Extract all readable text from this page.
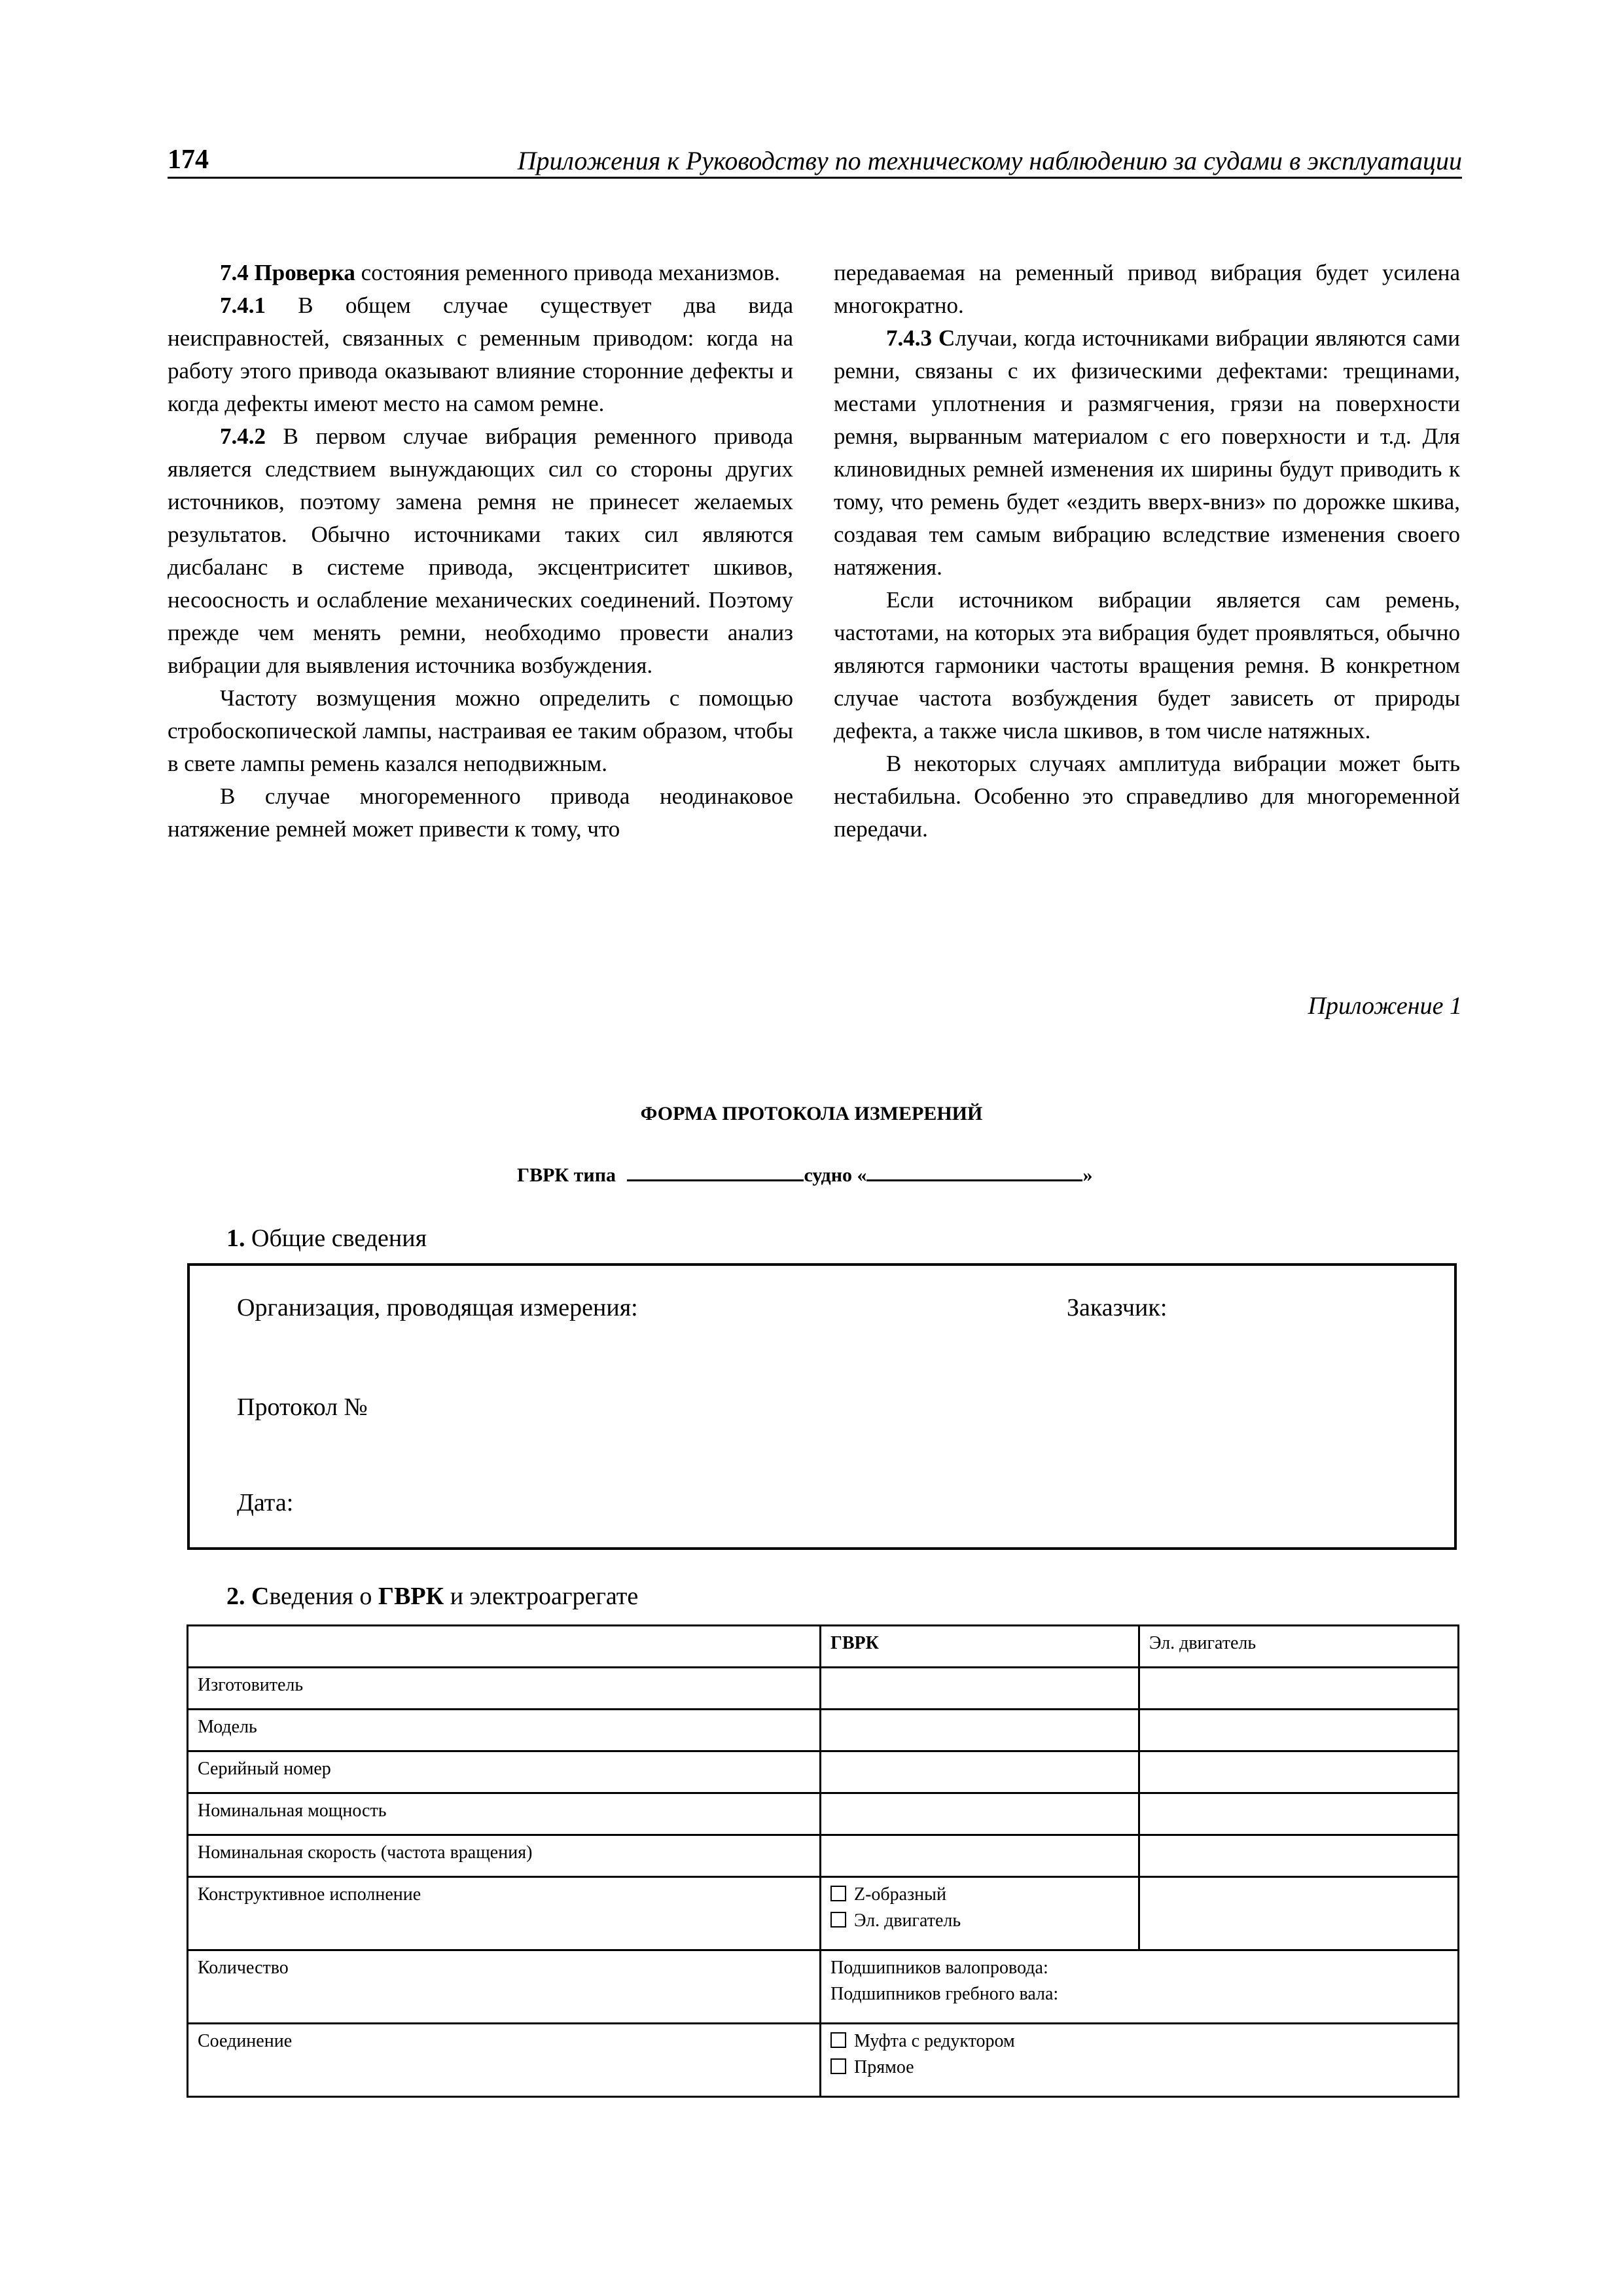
174	Приложения к Руководству по техническому наблюдению за судами в эксплуатации

7.4 Проверка состояния ременного привода механизмов.

7.4.1 В общем случае существует два вида неисправностей, связанных с ременным приводом: когда на работу этого привода оказывают влияние сторонние дефекты и когда дефекты имеют место на самом ремне.

7.4.2 В первом случае вибрация ременного привода является следствием вынуждающих сил со стороны других источников, поэтому замена ремня не принесет желаемых результатов. Обычно источниками таких сил являются дисбаланс в системе привода, эксцентриситет шкивов, несоосность и ослабление механических соединений. Поэтому прежде чем менять ремни, необходимо провести анализ вибрации для выявления источника возбуждения.

Частоту возмущения можно определить с помощью стробоскопической лампы, настраивая ее таким образом, чтобы в свете лампы ремень казался неподвижным.

В случае многоременного привода неодинаковое натяжение ремней может привести к тому, что

передаваемая на ременный привод вибрация будет усилена многократно.

7.4.3 Случаи, когда источниками вибрации являются сами ремни, связаны с их физическими дефектами: трещинами, местами уплотнения и размягчения, грязи на поверхности ремня, вырванным материалом с его поверхности и т.д. Для клиновидных ремней изменения их ширины будут приводить к тому, что ремень будет «ездить вверх-вниз» по дорожке шкива, создавая тем самым вибрацию вследствие изменения своего натяжения.

Если источником вибрации является сам ремень, частотами, на которых эта вибрация будет проявляться, обычно являются гармоники частоты вращения ремня. В конкретном случае частота возбуждения будет зависеть от природы дефекта, а также числа шкивов, в том числе натяжных.

В некоторых случаях амплитуда вибрации может быть нестабильна. Особенно это справедливо для многоременной передачи.

Приложение 1
ФОРМА ПРОТОКОЛА ИЗМЕРЕНИЙ
ГВРК типа	судно «	»
1. Общие сведения
Организация, проводящая измерения:	Заказчик:
Протокол №
Дата:
2. Сведения о ГВРК и электроагрегате
	ГВРК	Эл. двигатель
Изготовитель		
Модель		
Серийный номер		
Номинальная мощность		
Номинальная скорость (частота вращения)		
Конструктивное исполнение	Z-образный
Эл. двигатель	

Количество	Подшипников валопровода:
Подшипников гребного вала:	

Соединение	Муфта с редуктором
Прямое	
